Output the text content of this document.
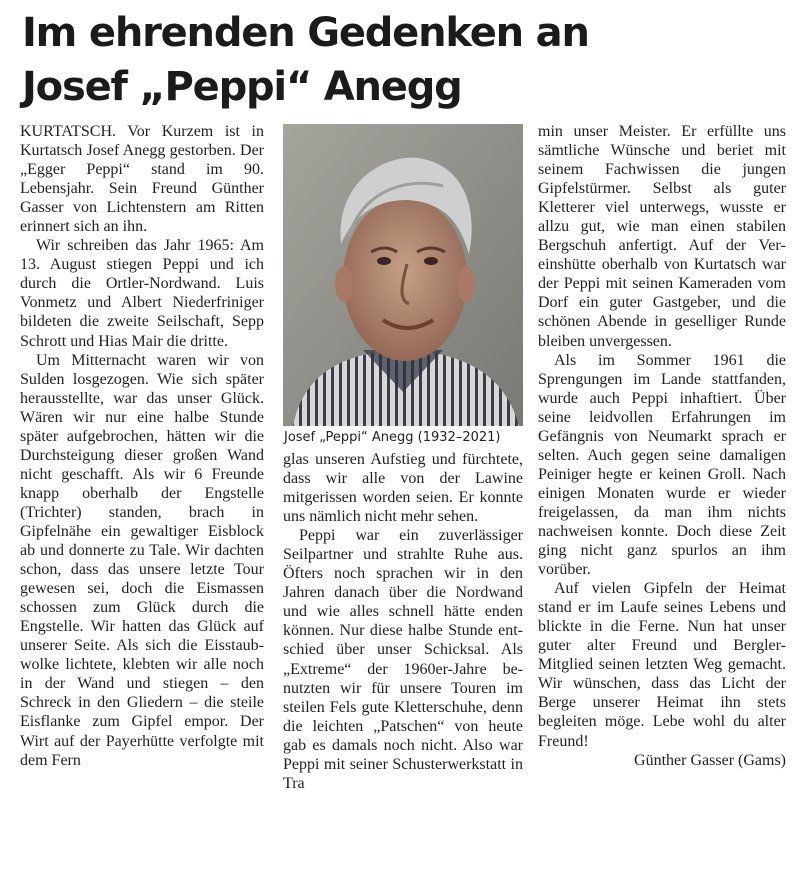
Im ehrenden Gedenken an
Josef „Peppi“ Anegg

KURTATSCH. Vor Kurzem ist in Kurtatsch Josef Anegg gestorben. Der „Egger Peppi“ stand im 90. Lebensjahr. Sein Freund Günther Gasser von Lichtenstern am Ritten erinnert sich an ihn.

Wir schreiben das Jahr 1965: Am 13. August stiegen Peppi und ich durch die Ortler-Nordwand. Luis Vonmetz und Albert Niederfriniger bildeten die zweite Seilschaft, Sepp Schrott und Hias Mair die dritte.

Um Mitternacht waren wir von Sulden losgezogen. Wie sich später herausstellte, war das unser Glück. Wären wir nur eine halbe Stunde später aufgebrochen, hätten wir die Durchsteigung dieser großen Wand nicht geschafft. Als wir 6 Freunde knapp oberhalb der Engstelle (Trichter) standen, brach in Gipfelnähe ein gewaltiger Eisblock ab und donnerte zu Tale. Wir dachten schon, dass das unsere letzte Tour gewesen sei, doch die Eismassen schossen zum Glück durch die Engstelle. Wir hatten das Glück auf unserer Seite. Als sich die Eisstaubwolke lichtete, klebten wir alle noch in der Wand und stiegen – den Schreck in den Gliedern – die steile Eisflanke zum Gipfel empor. Der Wirt auf der Payerhütte verfolgte mit dem Fern

Josef „Peppi“ Anegg (1932–2021)

glas unseren Aufstieg und fürchtete, dass wir alle von der Lawine mitgerissen worden seien. Er konnte uns nämlich nicht mehr sehen.

Peppi war ein zuverlässiger Seilpartner und strahlte Ruhe aus. Öfters noch sprachen wir in den Jahren danach über die Nordwand und wie alles schnell hätte enden können. Nur diese halbe Stunde entschied über unser Schicksal. Als „Extreme“ der 1960er-Jahre benutzten wir für unsere Touren im steilen Fels gute Kletterschuhe, denn die leichten „Patschen“ von heute gab es damals noch nicht. Also war Peppi mit seiner Schusterwerkstatt in Tra

min unser Meister. Er erfüllte uns sämtliche Wünsche und beriet mit seinem Fachwissen die jungen Gipfelstürmer. Selbst als guter Kletterer viel unterwegs, wusste er allzu gut, wie man einen stabilen Bergschuh anfertigt. Auf der Vereinshütte oberhalb von Kurtatsch war der Peppi mit seinen Kameraden vom Dorf ein guter Gastgeber, und die schönen Abende in geselliger Runde bleiben unvergessen.

Als im Sommer 1961 die Sprengungen im Lande stattfanden, wurde auch Peppi inhaftiert. Über seine leidvollen Erfahrungen im Gefängnis von Neumarkt sprach er selten. Auch gegen seine damaligen Peiniger hegte er keinen Groll. Nach einigen Monaten wurde er wieder freigelassen, da man ihm nichts nachweisen konnte. Doch diese Zeit ging nicht ganz spurlos an ihm vorüber.

Auf vielen Gipfeln der Heimat stand er im Laufe seines Lebens und blickte in die Ferne. Nun hat unser guter alter Freund und Bergler-Mitglied seinen letzten Weg gemacht. Wir wünschen, dass das Licht der Berge unserer Heimat ihn stets begleiten möge. Lebe wohl du alter Freund!

Günther Gasser (Gams)
